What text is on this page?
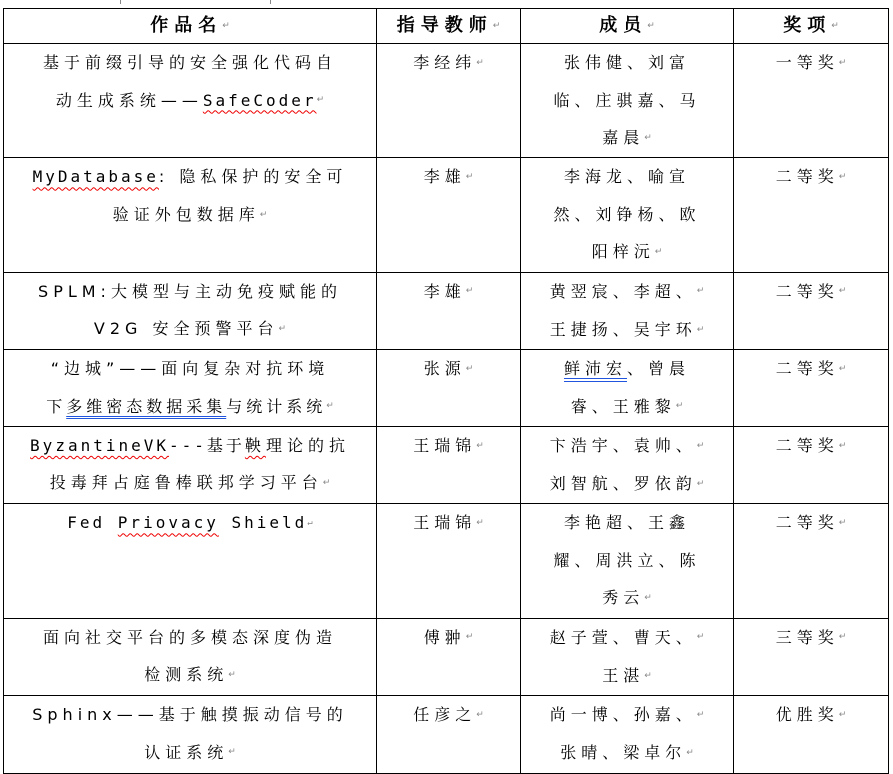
作品名 ↵	指导教师 ↵	成员 ↵	奖项 ↵

基于前缀引导的安全强化代码自
动生成系统——SafeCoder ↵	李经纬 ↵	张伟健、刘富
临、庄骐嘉、马
嘉晨 ↵	一等奖 ↵

MyDatabase: 隐私保护的安全可
验证外包数据库 ↵	李雄 ↵	李海龙、喻宣
然、刘铮杨、欧
阳梓沅 ↵	二等奖 ↵

SPLM:大模型与主动免疫赋能的
V2G 安全预警平台 ↵	李雄 ↵	黄翌宸、李超、 ↵
王捷扬、吴宇环 ↵	二等奖 ↵

“边城”——面向复杂对抗环境
下多维密态数据采集与统计系统 ↵	张源 ↵	鲜沛宏、曾晨
睿、王雅黎 ↵	二等奖 ↵

ByzantineVK---基于鞅理论的抗
投毒拜占庭鲁棒联邦学习平台 ↵	王瑞锦 ↵	卞浩宇、袁帅、 ↵
刘智航、罗依韵 ↵	二等奖 ↵

Fed Priovacy Shield ↵	王瑞锦 ↵	李艳超、王鑫
耀、周洪立、陈
秀云 ↵	二等奖 ↵

面向社交平台的多模态深度伪造
检测系统 ↵	傅翀 ↵	赵子萱、曹天、 ↵
王湛 ↵	三等奖 ↵

Sphinx——基于触摸振动信号的
认证系统 ↵	任彦之 ↵	尚一博、孙嘉、 ↵
张晴、梁卓尔 ↵	优胜奖 ↵
